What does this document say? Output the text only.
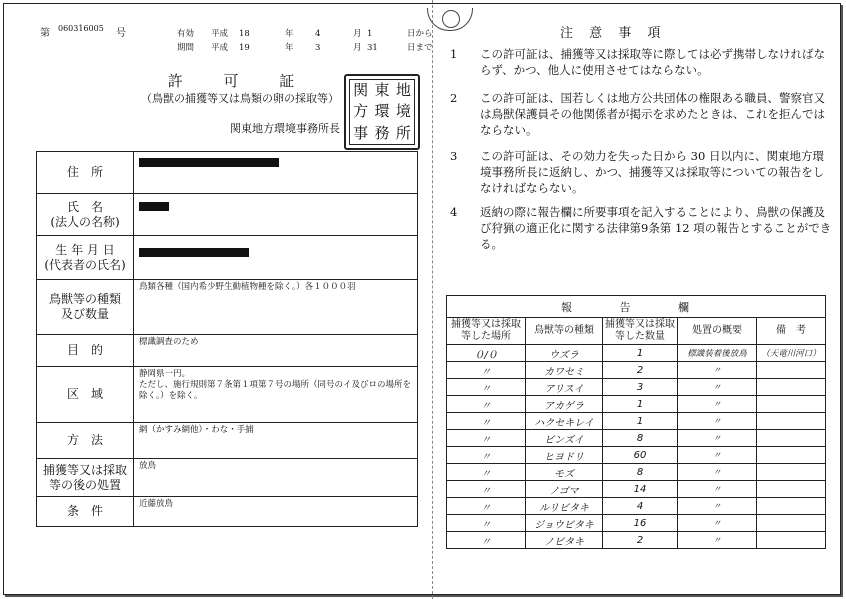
第 060316005 号	有効	平成	18	年	4	月	1	日から
期間	平成	19	年	3	月	31	日まで
許 可 証
（鳥獣の捕獲等又は鳥類の卵の採取等）
関東地方環境事務所長
関 東 地
方 環 境
事 務 所
住　所	

氏　名
(法人の名称)	

生 年 月 日
(代表者の氏名)	

鳥獣等の種類
及び数量	鳥類各種（国内希少野生動植物種を除く。）各１０００羽
目　的	標識調査のため
区　域	静岡県一円。
ただし、施行規則第７条第１項第７号の場所（同号のイ及びロの場所を除く。）を除く。
方　法	網（かすみ網他）・わな・手捕
捕獲等又は採取
等の後の処置	放鳥
条　件	近藤放鳥
注 意 事 項
1 この許可証は、捕獲等又は採取等に際しては必ず携帯しなければならず、かつ、他人に使用させてはならない。
2 この許可証は、国若しくは地方公共団体の権限ある職員、警察官又は鳥獣保護員その他関係者が掲示を求めたときは、これを拒んではならない。
3 この許可証は、その効力を失った日から 30 日以内に、関東地方環境事務所長に返納し、かつ、捕獲等又は採取等についての報告をしなければならない。
4 返納の際に報告欄に所要事項を記入することにより、鳥獣の保護及び狩猟の適正化に関する法律第9条第 12 項の報告とすることができる。
報 告 欄				
捕獲等又は採取等した場所	鳥獣等の種類	捕獲等又は採取等した数量	処置の概要	備　考
０/０	ウズラ	1	標識装着後放鳥	（天竜川河口）
〃	カワセミ	2	〃	
〃	アリスイ	3	〃	
〃	アカゲラ	1	〃	
〃	ハクセキレイ	1	〃	
〃	ビンズイ	8	〃	
〃	ヒヨドリ	60	〃	
〃	モズ	8	〃	
〃	ノゴマ	14	〃	
〃	ルリビタキ	4	〃	
〃	ジョウビタキ	16	〃	
〃	ノビタキ	2	〃	
